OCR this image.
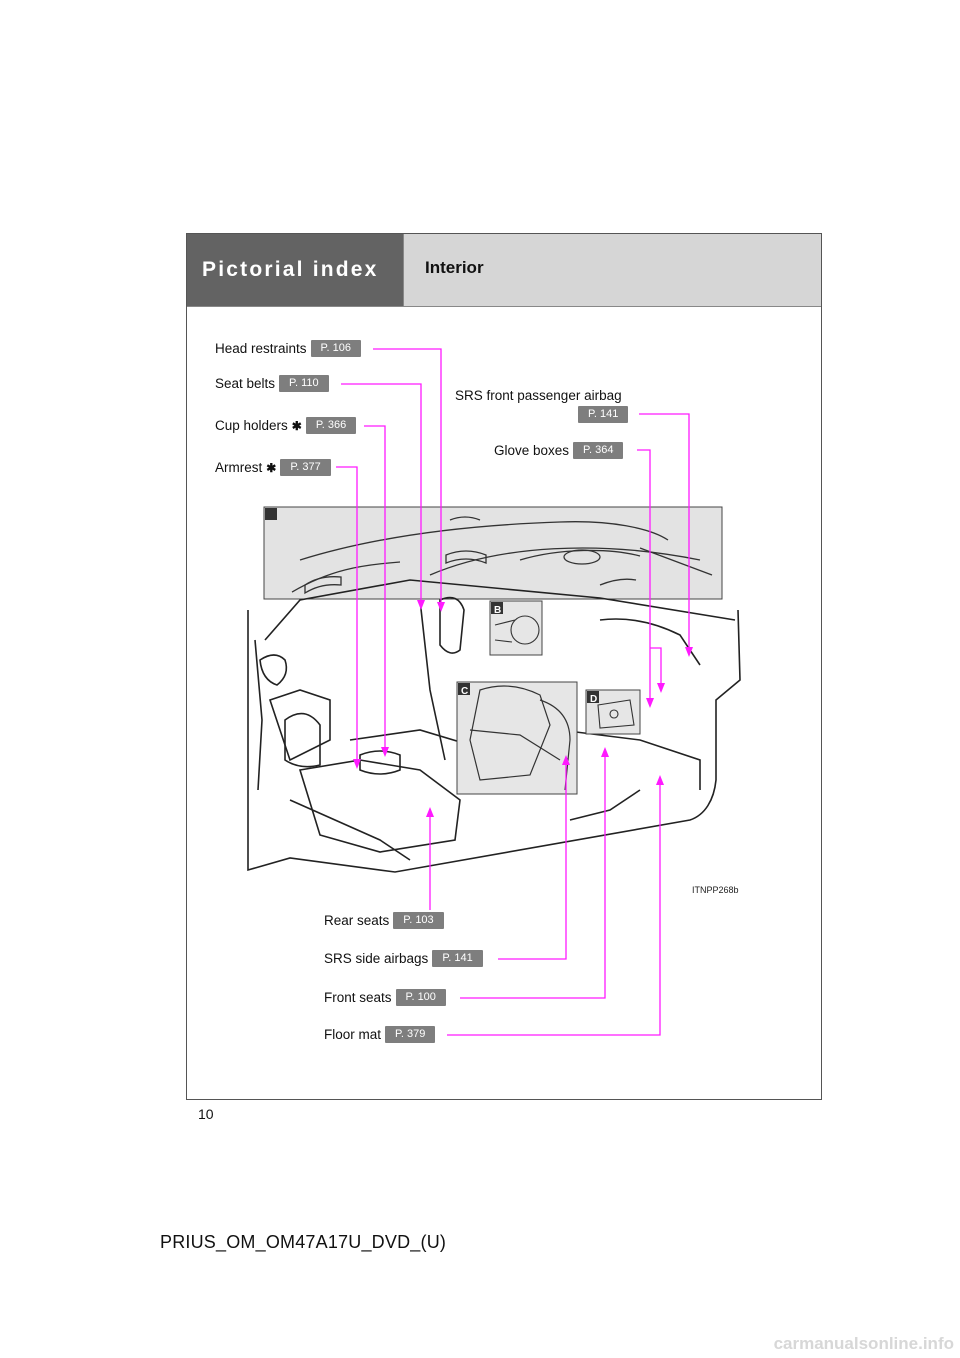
Pictorial index	Interior
B
C
D
ITNPP268b
Head restraints	P. 106
Seat belts	P. 110
Cup holders ✱	P. 366
Armrest ✱	P. 377
SRS front passenger airbag
P. 141
Glove boxes	P. 364
Rear seats	P. 103
SRS side airbags	P. 141
Front seats	P. 100
Floor mat	P. 379
10
PRIUS_OM_OM47A17U_DVD_(U)
carmanualsonline.info
